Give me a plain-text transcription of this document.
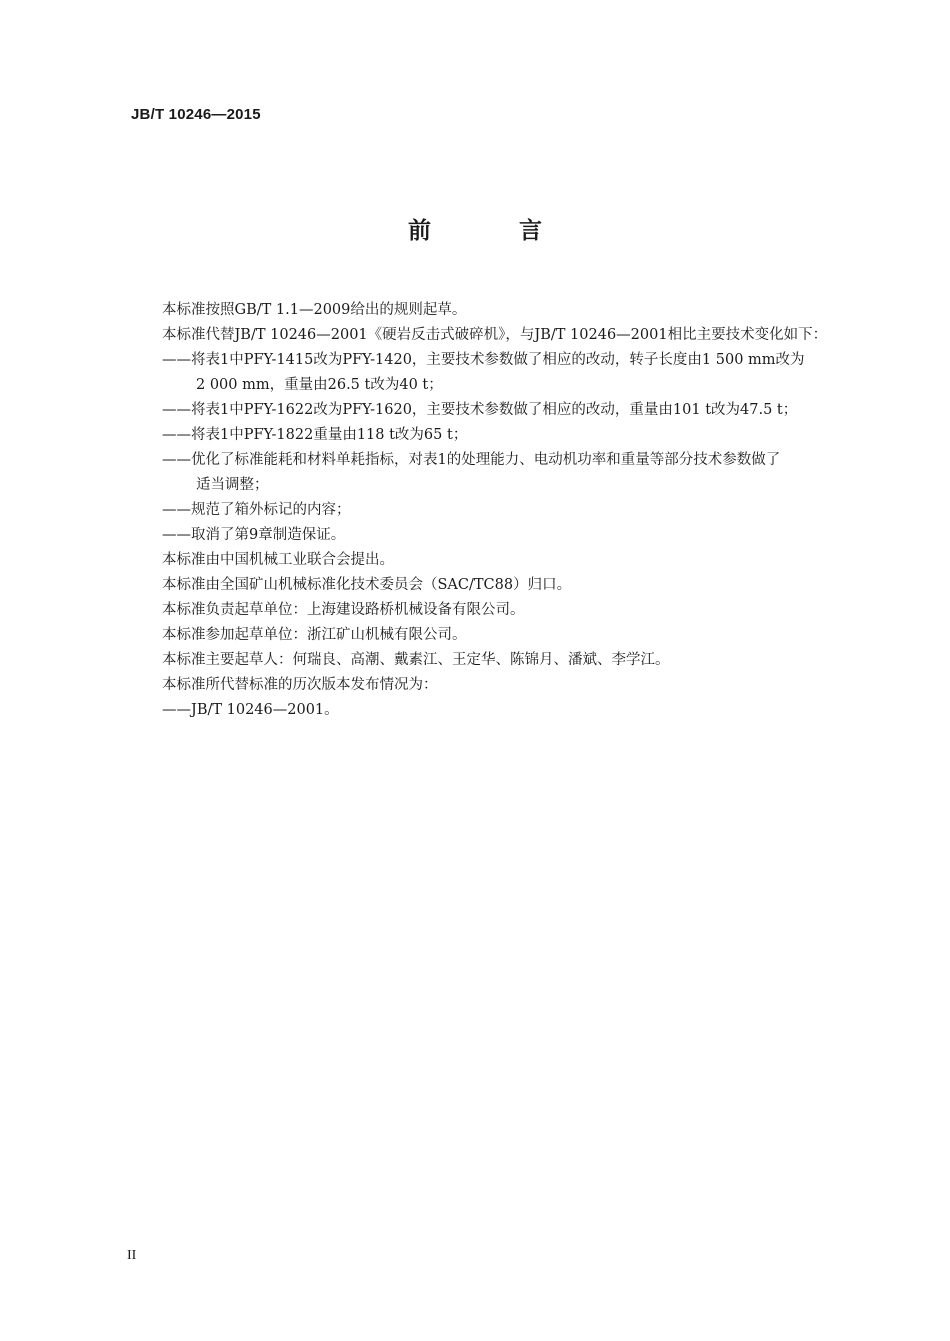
JB/T 10246—2015
前 言
本标准按照GB/T 1.1—2009给出的规则起草。
本标准代替JB/T 10246—2001《硬岩反击式破碎机》，与JB/T 10246—2001相比主要技术变化如下：
——将表1中PFY-1415改为PFY-1420，主要技术参数做了相应的改动，转子长度由1 500 mm改为
2 000 mm，重量由26.5 t改为40 t；
——将表1中PFY-1622改为PFY-1620，主要技术参数做了相应的改动，重量由101 t改为47.5 t；
——将表1中PFY-1822重量由118 t改为65 t；
——优化了标准能耗和材料单耗指标，对表1的处理能力、电动机功率和重量等部分技术参数做了
适当调整；
——规范了箱外标记的内容；
——取消了第9章制造保证。
本标准由中国机械工业联合会提出。
本标准由全国矿山机械标准化技术委员会（SAC/TC88）归口。
本标准负责起草单位：上海建设路桥机械设备有限公司。
本标准参加起草单位：浙江矿山机械有限公司。
本标准主要起草人：何瑞良、高潮、戴素江、王定华、陈锦月、潘斌、李学江。
本标准所代替标准的历次版本发布情况为：
——JB/T 10246—2001。
II
